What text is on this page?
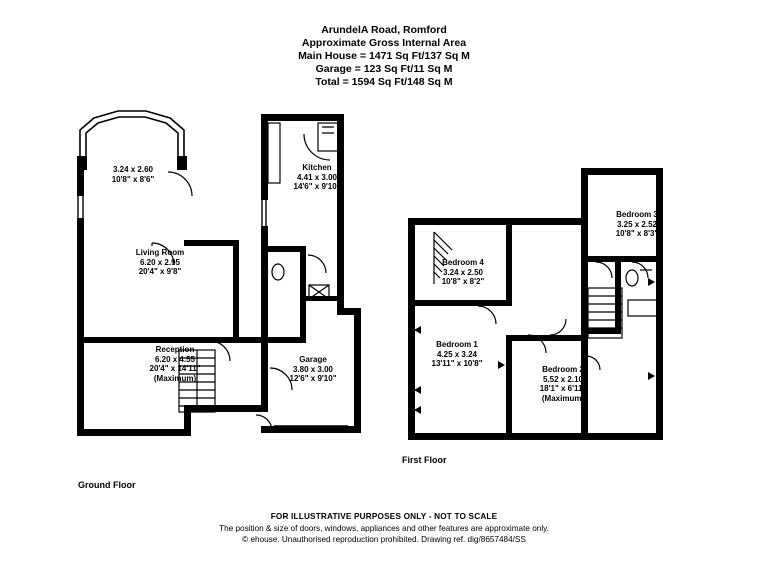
ArundelA Road, Romford
Approximate Gross Internal Area
Main House = 1471 Sq Ft/137 Sq M
Garage = 123 Sq Ft/11 Sq M
Total = 1594 Sq Ft/148 Sq M
3.24 x 2.60
10'8" x 8'6"
Kitchen
4.41 x 3.00
14'6" x 9'10"
Living Room
6.20 x 2.95
20'4" x 9'8"
Reception
6.20 x 4.55
20'4" x 14'11"
(Maximum)
Garage
3.80 x 3.00
12'6" x 9'10"
Ground Floor
Bedroom 3
3.25 x 2.52
10'8" x 8'3"
Bedroom 4
3.24 x 2.50
10'8" x 8'2"
Bedroom 1
4.25 x 3.24
13'11" x 10'8"
Bedroom 2
5.52 x 2.10
18'1" x 6'11"
(Maximum)
First Floor
FOR ILLUSTRATIVE PURPOSES ONLY - NOT TO SCALE
The position & size of doors, windows, appliances and other features are approximate only.
© ehouse. Unauthorised reproduction prohibited. Drawing ref. dig/8657484/SS
